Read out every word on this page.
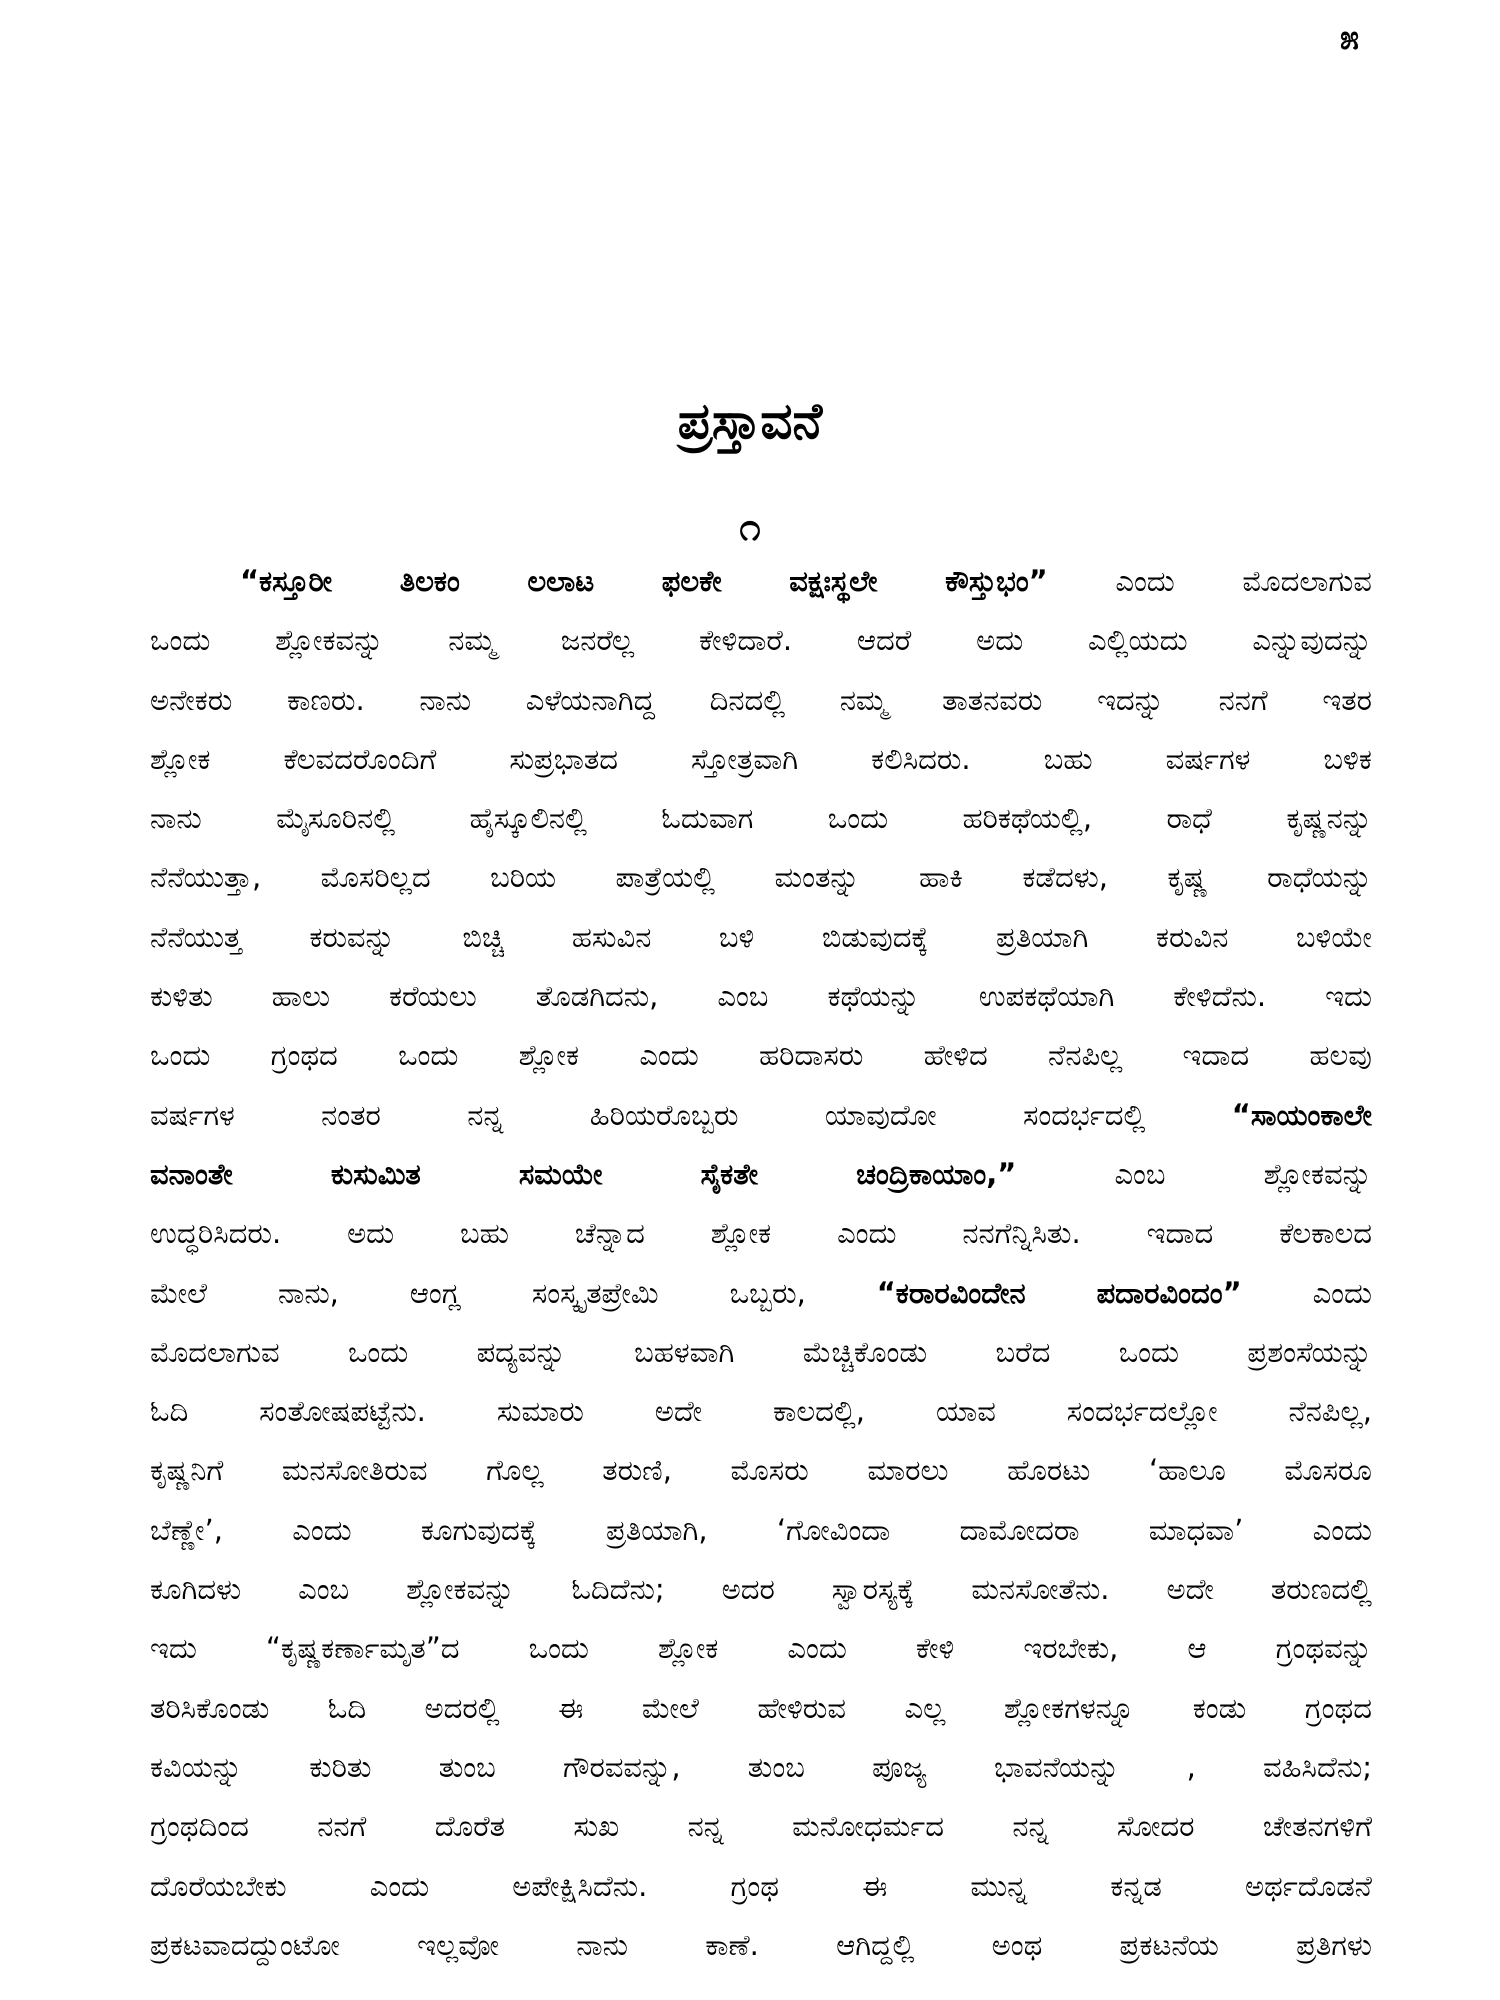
೫
ಪ್ರಸ್ತಾವನೆ
೧
“ಕಸ್ತೂರೀ ತಿಲಕಂ ಲಲಾಟ ಫಲಕೇ ವಕ್ಷಃಸ್ಥಲೇ ಕೌಸ್ತುಭಂ” ಎಂದು ಮೊದಲಾಗುವ
ಒಂದು ಶ್ಲೋಕವನ್ನು ನಮ್ಮ ಜನರೆಲ್ಲ ಕೇಳಿದಾರೆ. ಆದರೆ ಅದು ಎಲ್ಲಿಯದು ಎನ್ನುವುದನ್ನು
ಅನೇಕರು ಕಾಣರು. ನಾನು ಎಳೆಯನಾಗಿದ್ದ ದಿನದಲ್ಲಿ ನಮ್ಮ ತಾತನವರು ಇದನ್ನು ನನಗೆ ಇತರ
ಶ್ಲೋಕ	ಕೆಲವದರೊಂದಿಗೆ	ಸುಪ್ರಭಾತದ	ಸ್ತೋತ್ರವಾಗಿ	ಕಲಿಸಿದರು.	ಬಹು	ವರ್ಷಗಳ	ಬಳಿಕ
ನಾನು	ಮೈಸೂರಿನಲ್ಲಿ	ಹೈಸ್ಕೂಲಿನಲ್ಲಿ	ಓದುವಾಗ	ಒಂದು	ಹರಿಕಥೆಯಲ್ಲಿ,	ರಾಧೆ	ಕೃಷ್ಣನನ್ನು
ನೆನೆಯುತ್ತಾ, ಮೊಸರಿಲ್ಲದ ಬರಿಯ ಪಾತ್ರೆಯಲ್ಲಿ ಮಂತನ್ನು ಹಾಕಿ ಕಡೆದಳು, ಕೃಷ್ಣ ರಾಧೆಯನ್ನು
ನೆನೆಯುತ್ತ ಕರುವನ್ನು ಬಿಚ್ಚಿ ಹಸುವಿನ ಬಳಿ ಬಿಡುವುದಕ್ಕೆ ಪ್ರತಿಯಾಗಿ ಕರುವಿನ ಬಳಿಯೇ
ಕುಳಿತು ಹಾಲು ಕರೆಯಲು ತೊಡಗಿದನು, ಎಂಬ ಕಥೆಯನ್ನು ಉಪಕಥೆಯಾಗಿ ಕೇಳಿದೆನು. ಇದು
ಒಂದು ಗ್ರಂಥದ ಒಂದು ಶ್ಲೋಕ ಎಂದು ಹರಿದಾಸರು ಹೇಳಿದ ನೆನಪಿಲ್ಲ ಇದಾದ ಹಲವು
ವರ್ಷಗಳ	ನಂತರ	ನನ್ನ	ಹಿರಿಯರೊಬ್ಬರು	ಯಾವುದೋ	ಸಂದರ್ಭದಲ್ಲಿ	“ಸಾಯಂಕಾಲೇ
ವನಾಂತೇ	ಕುಸುಮಿತ	ಸಮಯೇ	ಸೈಕತೇ	ಚಂದ್ರಿಕಾಯಾಂ,”	ಎಂಬ	ಶ್ಲೋಕವನ್ನು
ಉದ್ಧರಿಸಿದರು. ಅದು ಬಹು ಚೆನ್ನಾದ ಶ್ಲೋಕ ಎಂದು ನನಗೆನ್ನಿಸಿತು. ಇದಾದ ಕೆಲಕಾಲದ
ಮೇಲೆ ನಾನು, ಆಂಗ್ಲ ಸಂಸ್ಕೃತಪ್ರೇಮಿ ಒಬ್ಬರು, “ಕರಾರವಿಂದೇನ ಪದಾರವಿಂದಂ” ಎಂದು
ಮೊದಲಾಗುವ ಒಂದು ಪದ್ಯವನ್ನು ಬಹಳವಾಗಿ ಮೆಚ್ಚಿಕೊಂಡು ಬರೆದ ಒಂದು ಪ್ರಶಂಸೆಯನ್ನು
ಓದಿ ಸಂತೋಷಪಟ್ಟೆನು. ಸುಮಾರು ಅದೇ ಕಾಲದಲ್ಲಿ, ಯಾವ ಸಂದರ್ಭದಲ್ಲೋ ನೆನಪಿಲ್ಲ,
ಕೃಷ್ಣನಿಗೆ ಮನಸೋತಿರುವ ಗೊಲ್ಲ ತರುಣಿ, ಮೊಸರು ಮಾರಲು ಹೊರಟು ‘ಹಾಲೂ ಮೊಸರೂ
ಬೆಣ್ಣೇ’, ಎಂದು ಕೂಗುವುದಕ್ಕೆ ಪ್ರತಿಯಾಗಿ, ‘ಗೋವಿಂದಾ ದಾಮೋದರಾ ಮಾಧವಾ’ ಎಂದು
ಕೂಗಿದಳು ಎಂಬ ಶ್ಲೋಕವನ್ನು ಓದಿದೆನು; ಅದರ ಸ್ವಾರಸ್ಯಕ್ಕೆ ಮನಸೋತೆನು. ಅದೇ ತರುಣದಲ್ಲಿ
ಇದು “ಕೃಷ್ಣಕರ್ಣಾಮೃತ”ದ ಒಂದು ಶ್ಲೋಕ ಎಂದು ಕೇಳಿ ಇರಬೇಕು, ಆ ಗ್ರಂಥವನ್ನು
ತರಿಸಿಕೊಂಡು ಓದಿ ಅದರಲ್ಲಿ ಈ ಮೇಲೆ ಹೇಳಿರುವ ಎಲ್ಲ ಶ್ಲೋಕಗಳನ್ನೂ ಕಂಡು ಗ್ರಂಥದ
ಕವಿಯನ್ನು ಕುರಿತು ತುಂಬ ಗೌರವವನ್ನು, ತುಂಬ ಪೂಜ್ಯ ಭಾವನೆಯನ್ನು , ವಹಿಸಿದೆನು;
ಗ್ರಂಥದಿಂದ ನನಗೆ ದೊರೆತ ಸುಖ ನನ್ನ ಮನೋಧರ್ಮದ ನನ್ನ ಸೋದರ ಚೇತನಗಳಿಗೆ
ದೊರೆಯಬೇಕು	ಎಂದು	ಅಪೇಕ್ಷಿಸಿದೆನು.	ಗ್ರಂಥ	ಈ	ಮುನ್ನ	ಕನ್ನಡ	ಅರ್ಥದೊಡನೆ
ಪ್ರಕಟವಾದದ್ದುಂಟೋ	ಇಲ್ಲವೋ	ನಾನು	ಕಾಣೆ.	ಆಗಿದ್ದಲ್ಲಿ	ಅಂಥ	ಪ್ರಕಟನೆಯ	ಪ್ರತಿಗಳು
